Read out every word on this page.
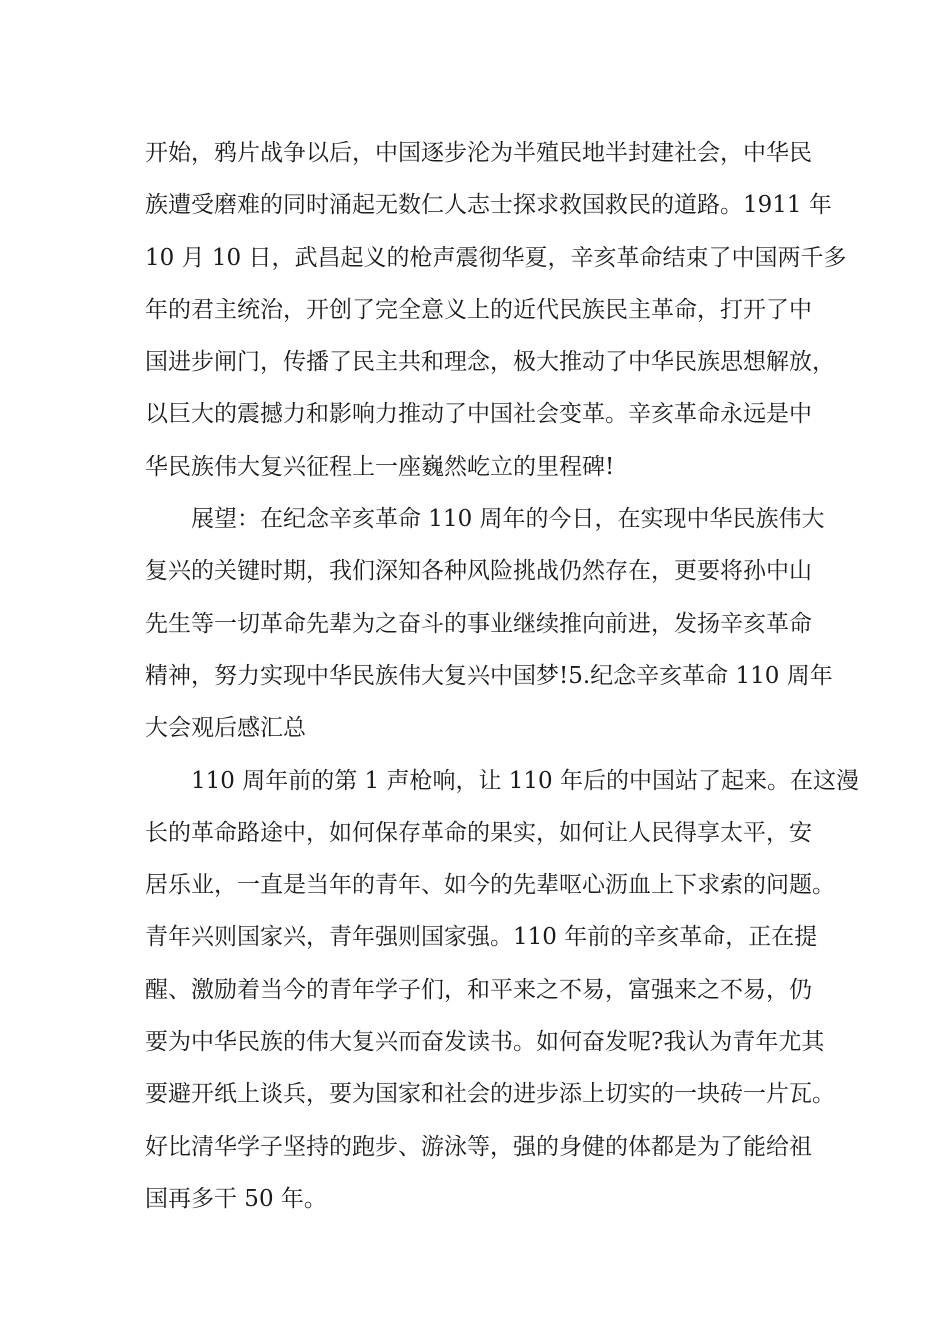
开始，鸦片战争以后，中国逐步沦为半殖民地半封建社会，中华民
族遭受磨难的同时涌起无数仁人志士探求救国救民的道路。1911 年
10 月 10 日，武昌起义的枪声震彻华夏，辛亥革命结束了中国两千多
年的君主统治，开创了完全意义上的近代民族民主革命，打开了中
国进步闸门，传播了民主共和理念，极大推动了中华民族思想解放，
以巨大的震撼力和影响力推动了中国社会变革。辛亥革命永远是中
华民族伟大复兴征程上一座巍然屹立的里程碑!
展望：在纪念辛亥革命 110 周年的今日，在实现中华民族伟大
复兴的关键时期，我们深知各种风险挑战仍然存在，更要将孙中山
先生等一切革命先辈为之奋斗的事业继续推向前进，发扬辛亥革命
精神，努力实现中华民族伟大复兴中国梦!5.纪念辛亥革命 110 周年
大会观后感汇总
110 周年前的第 1 声枪响，让 110 年后的中国站了起来。在这漫
长的革命路途中，如何保存革命的果实，如何让人民得享太平，安
居乐业，一直是当年的青年、如今的先辈呕心沥血上下求索的问题。
青年兴则国家兴，青年强则国家强。110 年前的辛亥革命，正在提
醒、激励着当今的青年学子们，和平来之不易，富强来之不易，仍
要为中华民族的伟大复兴而奋发读书。如何奋发呢?我认为青年尤其
要避开纸上谈兵，要为国家和社会的进步添上切实的一块砖一片瓦。
好比清华学子坚持的跑步、游泳等，强的身健的体都是为了能给祖
国再多干 50 年。
